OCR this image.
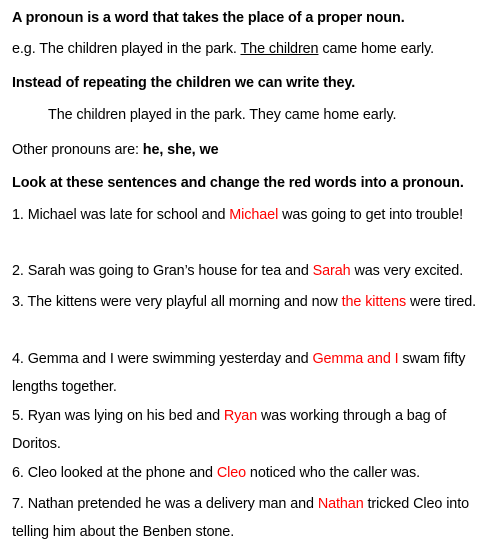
A pronoun is a word that takes the place of a proper noun.
e.g. The children played in the park. The children came home early.
Instead of repeating the children we can write they.
The children played in the park. They came home early.
Other pronouns are: he, she, we
Look at these sentences and change the red words into a pronoun.
1. Michael was late for school and Michael was going to get into trouble!
2. Sarah was going to Gran’s house for tea and Sarah was very excited.
3. The kittens were very playful all morning and now the kittens were tired.
4. Gemma and I were swimming yesterday and Gemma and I swam fifty lengths together.
5. Ryan was lying on his bed and Ryan was working through a bag of Doritos.
6. Cleo looked at the phone and Cleo noticed who the caller was.
7. Nathan pretended he was a delivery man and Nathan tricked Cleo into telling him about the Benben stone.
